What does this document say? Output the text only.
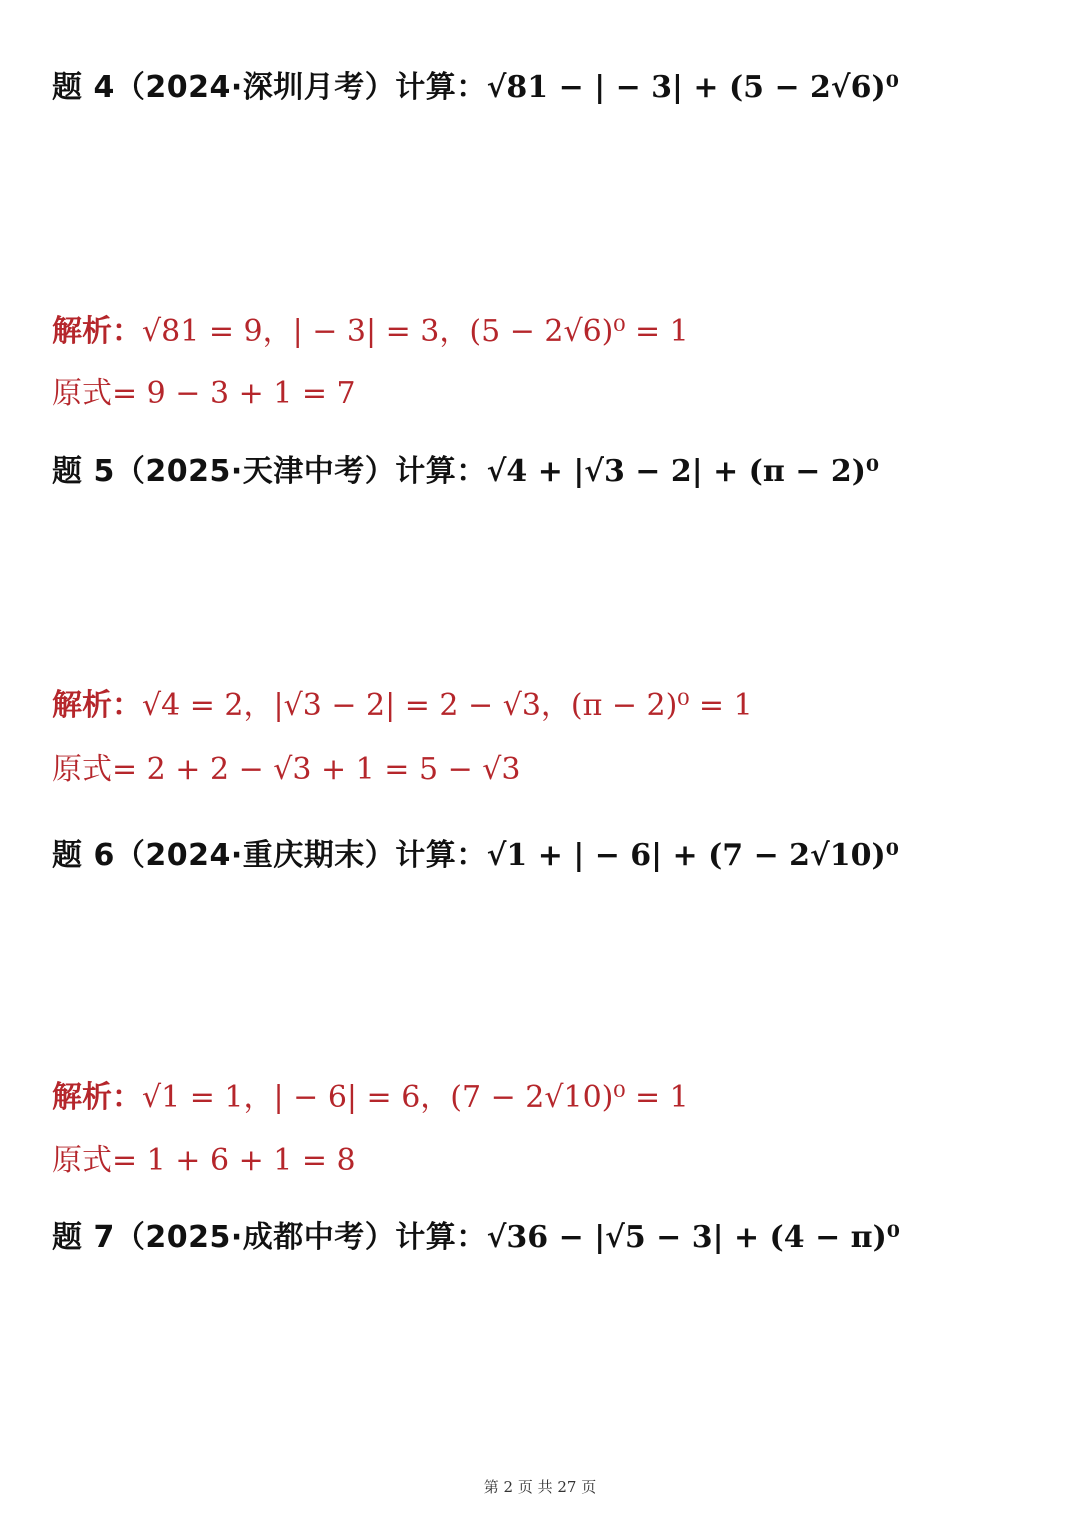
题 4（2024·深圳月考）计算： √81 − | − 3| + (5 − 2√6)⁰
解析： √81 = 9，| − 3| = 3，(5 − 2√6)⁰ = 1
原式 = 9 − 3 + 1 = 7
题 5（2025·天津中考）计算： √4 + |√3 − 2| + (π − 2)⁰
解析： √4 = 2，|√3 − 2| = 2 − √3，(π − 2)⁰ = 1
原式 = 2 + 2 − √3 + 1 = 5 − √3
题 6（2024·重庆期末）计算： √1 + | − 6| + (7 − 2√10)⁰
解析： √1 = 1，| − 6| = 6，(7 − 2√10)⁰ = 1
原式 = 1 + 6 + 1 = 8
题 7（2025·成都中考）计算： √36 − |√5 − 3| + (4 − π)⁰
第 2 页 共 27 页
